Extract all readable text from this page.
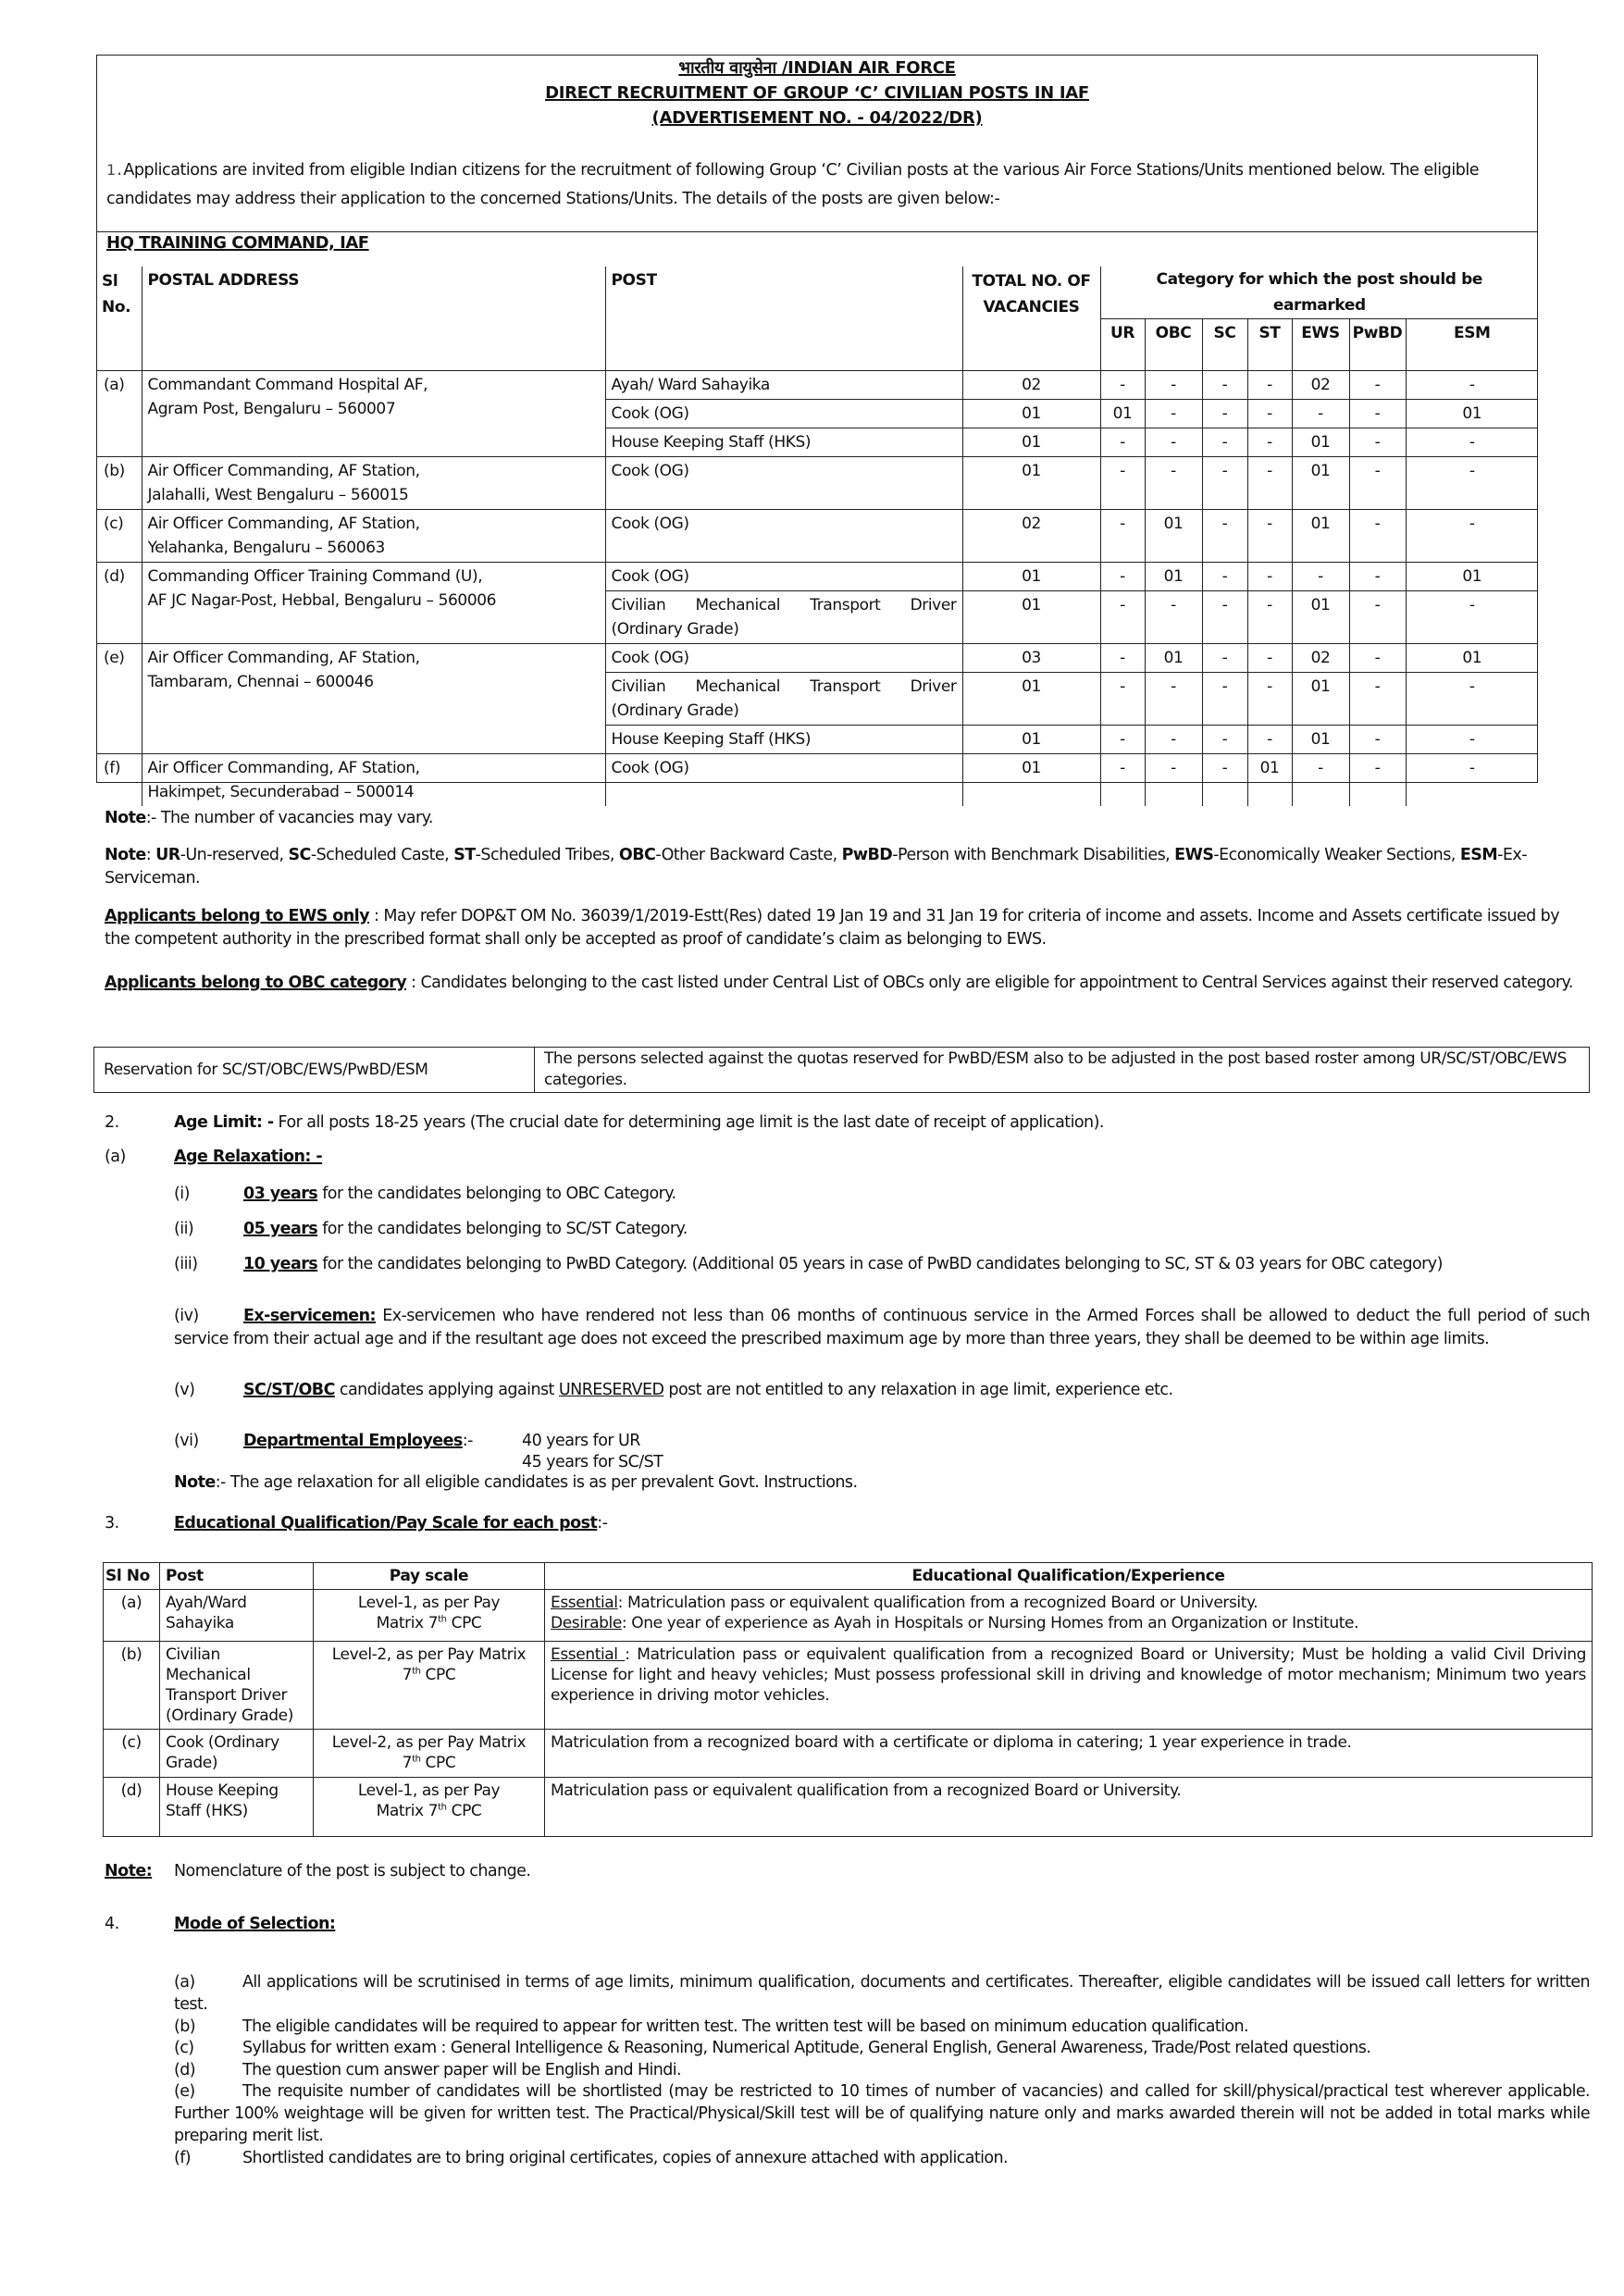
भारतीय वायुसेना /INDIAN AIR FORCE
DIRECT RECRUITMENT OF GROUP ‘C’ CIVILIAN POSTS IN IAF
(ADVERTISEMENT NO. - 04/2022/DR)
1.Applications are invited from eligible Indian citizens for the recruitment of following Group ‘C’ Civilian posts at the various Air Force Stations/Units mentioned below. The eligible candidates may address their application to the concerned Stations/Units. The details of the posts are given below:-
HQ TRAINING COMMAND, IAF
Sl No.	POSTAL ADDRESS	POST	TOTAL NO. OF VACANCIES	Category for which the post should be earmarked						
				UR	OBC	SC	ST	EWS	PwBD	ESM
(a)	Commandant Command Hospital AF,
Agram Post, Bengaluru – 560007	Ayah/ Ward Sahayika	02	-	-	-	-	02	-	-
		Cook (OG)	01	01	-	-	-	-	-	01
		House Keeping Staff (HKS)	01	-	-	-	-	01	-	-
(b)	Air Officer Commanding, AF Station,
Jalahalli, West Bengaluru – 560015	Cook (OG)	01	-	-	-	-	01	-	-
(c)	Air Officer Commanding, AF Station,
Yelahanka, Bengaluru – 560063	Cook (OG)	02	-	01	-	-	01	-	-
(d)	Commanding Officer Training Command (U),
AF JC Nagar-Post, Hebbal, Bengaluru – 560006	Cook (OG)	01	-	01	-	-	-	-	01
		Civilian Mechanical Transport Driver (Ordinary Grade)	01	-	-	-	-	01	-	-
(e)	Air Officer Commanding, AF Station,
Tambaram, Chennai – 600046	Cook (OG)	03	-	01	-	-	02	-	01
		Civilian Mechanical Transport Driver (Ordinary Grade)	01	-	-	-	-	01	-	-
		House Keeping Staff (HKS)	01	-	-	-	-	01	-	-
(f)	Air Officer Commanding, AF Station,
Hakimpet, Secunderabad – 500014	Cook (OG)	01	-	-	-	01	-	-	-
Note:- The number of vacancies may vary.
Note: UR-Un-reserved, SC-Scheduled Caste, ST-Scheduled Tribes, OBC-Other Backward Caste, PwBD-Person with Benchmark Disabilities, EWS-Economically Weaker Sections, ESM-Ex-Serviceman.
Applicants belong to EWS only : May refer DOP&T OM No. 36039/1/2019-Estt(Res) dated 19 Jan 19 and 31 Jan 19 for criteria of income and assets. Income and Assets certificate issued by the competent authority in the prescribed format shall only be accepted as proof of candidate’s claim as belonging to EWS.
Applicants belong to OBC category : Candidates belonging to the cast listed under Central List of OBCs only are eligible for appointment to Central Services against their reserved category.
Reservation for SC/ST/OBC/EWS/PwBD/ESM	The persons selected against the quotas reserved for PwBD/ESM also to be adjusted in the post based roster among UR/SC/ST/OBC/EWS categories.
2.	Age Limit: - For all posts 18-25 years (The crucial date for determining age limit is the last date of receipt of application).
(a)	Age Relaxation: -
(i)	03 years for the candidates belonging to OBC Category.
(ii)	05 years for the candidates belonging to SC/ST Category.
(iii)	10 years for the candidates belonging to PwBD Category. (Additional 05 years in case of PwBD candidates belonging to SC, ST & 03 years for OBC category)
(iv)	Ex-servicemen: Ex-servicemen who have rendered not less than 06 months of continuous service in the Armed Forces shall be allowed to deduct the full period of such service from their actual age and if the resultant age does not exceed the prescribed maximum age by more than three years, they shall be deemed to be within age limits.
(v)	SC/ST/OBC candidates applying against UNRESERVED post are not entitled to any relaxation in age limit, experience etc.
(vi)	Departmental Employees:-	40 years for UR
45 years for SC/ST
Note:- The age relaxation for all eligible candidates is as per prevalent Govt. Instructions.
3.	Educational Qualification/Pay Scale for each post:-
Sl No	Post	Pay scale	Educational Qualification/Experience
(a)	Ayah/Ward Sahayika	Level-1, as per Pay
Matrix 7th CPC	Essential: Matriculation pass or equivalent qualification from a recognized Board or University.
Desirable: One year of experience as Ayah in Hospitals or Nursing Homes from an Organization or Institute.
(b)	Civilian Mechanical Transport Driver (Ordinary Grade)	Level-2, as per Pay Matrix
7th CPC	Essential : Matriculation pass or equivalent qualification from a recognized Board or University; Must be holding a valid Civil Driving License for light and heavy vehicles; Must possess professional skill in driving and knowledge of motor mechanism; Minimum two years experience in driving motor vehicles.
(c)	Cook (Ordinary Grade)	Level-2, as per Pay Matrix
7th CPC	Matriculation from a recognized board with a certificate or diploma in catering; 1 year experience in trade.
(d)	House Keeping Staff (HKS)	Level-1, as per Pay
Matrix 7th CPC	Matriculation pass or equivalent qualification from a recognized Board or University.
Note: Nomenclature of the post is subject to change.
4.	Mode of Selection:
(a)	All applications will be scrutinised in terms of age limits, minimum qualification, documents and certificates. Thereafter, eligible candidates will be issued call letters for written test.
(b)	The eligible candidates will be required to appear for written test. The written test will be based on minimum education qualification.
(c)	Syllabus for written exam : General Intelligence & Reasoning, Numerical Aptitude, General English, General Awareness, Trade/Post related questions.
(d)	The question cum answer paper will be English and Hindi.
(e)	The requisite number of candidates will be shortlisted (may be restricted to 10 times of number of vacancies) and called for skill/physical/practical test wherever applicable. Further 100% weightage will be given for written test. The Practical/Physical/Skill test will be of qualifying nature only and marks awarded therein will not be added in total marks while preparing merit list.
(f)	Shortlisted candidates are to bring original certificates, copies of annexure attached with application.
